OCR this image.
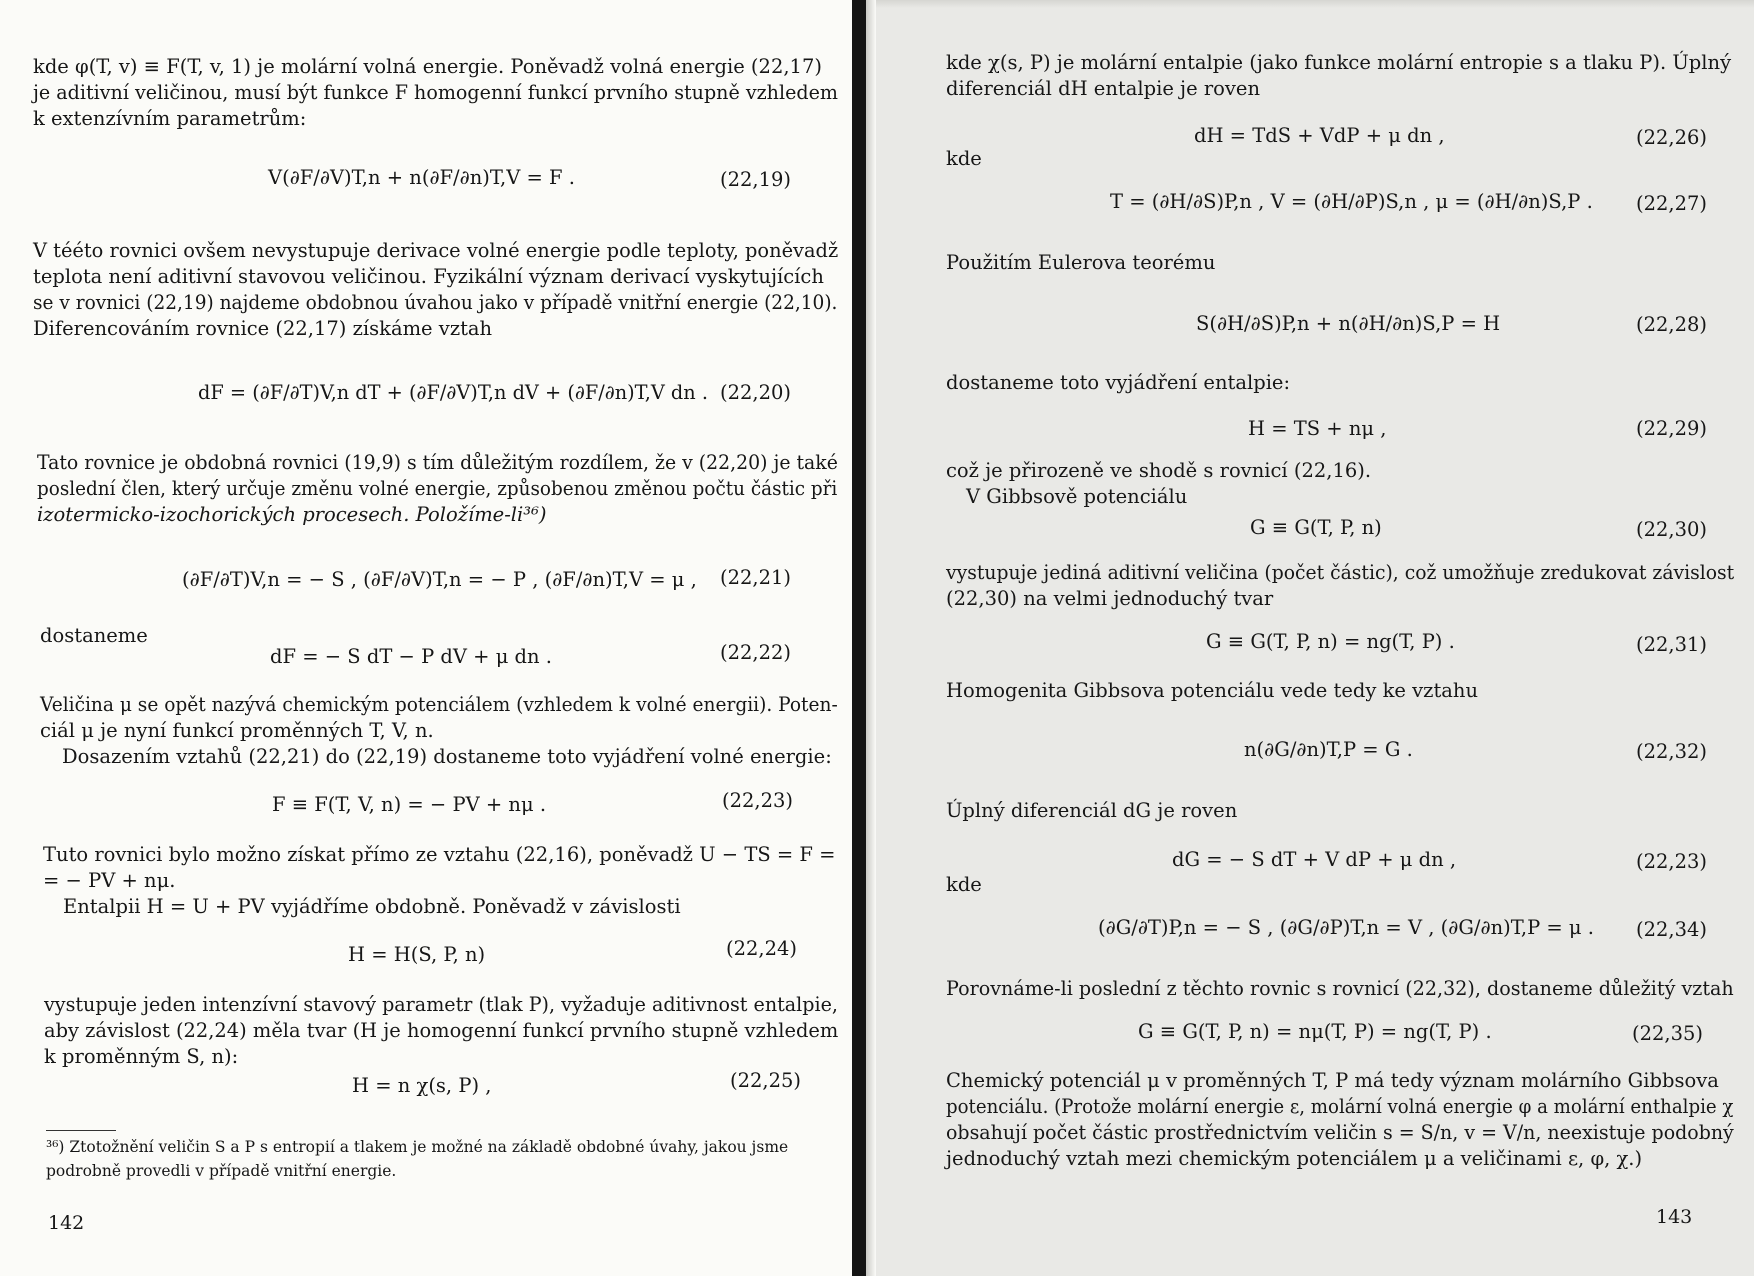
kde φ(T, v) ≡ F(T, v, 1) je molární volná energie. Poněvadž volná energie (22,17)
je aditivní veličinou, musí být funkce F homogenní funkcí prvního stupně vzhledem
k extenzívním parametrům:
V(∂F/∂V)T,n + n(∂F/∂n)T,V = F .	(22,19)
V tééto rovnici ovšem nevystupuje derivace volné energie podle teploty, poněvadž
teplota není aditivní stavovou veličinou. Fyzikální význam derivací vyskytujících
se v rovnici (22,19) najdeme obdobnou úvahou jako v případě vnitřní energie (22,10).
Diferencováním rovnice (22,17) získáme vztah
dF = (∂F/∂T)V,n dT + (∂F/∂V)T,n dV + (∂F/∂n)T,V dn . (22,20)
Tato rovnice je obdobná rovnici (19,9) s tím důležitým rozdílem, že v (22,20) je také
poslední člen, který určuje změnu volné energie, způsobenou změnou počtu částic při
izotermicko-izochorických procesech. Položíme-li³⁶)
(∂F/∂T)V,n = − S , (∂F/∂V)T,n = − P , (∂F/∂n)T,V = μ , (22,21)
dostaneme
dF = − S dT − P dV + μ dn .	(22,22)
Veličina μ se opět nazývá chemickým potenciálem (vzhledem k volné energii). Poten-
ciál μ je nyní funkcí proměnných T, V, n.
Dosazením vztahů (22,21) do (22,19) dostaneme toto vyjádření volné energie:
F ≡ F(T, V, n) = − PV + nμ .	(22,23)
Tuto rovnici bylo možno získat přímo ze vztahu (22,16), poněvadž U − TS = F =
= − PV + nμ.
Entalpii H = U + PV vyjádříme obdobně. Poněvadž v závislosti
H = H(S, P, n)	(22,24)
vystupuje jeden intenzívní stavový parametr (tlak P), vyžaduje aditivnost entalpie,
aby závislost (22,24) měla tvar (H je homogenní funkcí prvního stupně vzhledem
k proměnným S, n):
H = n χ(s, P) ,	(22,25)
³⁶) Ztotožnění veličin S a P s entropií a tlakem je možné na základě obdobné úvahy, jakou jsme
podrobně provedli v případě vnitřní energie.
142
kde χ(s, P) je molární entalpie (jako funkce molární entropie s a tlaku P). Úplný
diferenciál dH entalpie je roven
dH = TdS + VdP + μ dn ,	(22,26)
kde
T = (∂H/∂S)P,n , V = (∂H/∂P)S,n , μ = (∂H/∂n)S,P . (22,27)
Použitím Eulerova teorému
S(∂H/∂S)P,n + n(∂H/∂n)S,P = H	(22,28)
dostaneme toto vyjádření entalpie:
H = TS + nμ ,	(22,29)
což je přirozeně ve shodě s rovnicí (22,16).
V Gibbsově potenciálu
G ≡ G(T, P, n)	(22,30)
vystupuje jediná aditivní veličina (počet částic), což umožňuje zredukovat závislost
(22,30) na velmi jednoduchý tvar
G ≡ G(T, P, n) = ng(T, P) .	(22,31)
Homogenita Gibbsova potenciálu vede tedy ke vztahu
n(∂G/∂n)T,P = G .	(22,32)
Úplný diferenciál dG je roven
dG = − S dT + V dP + μ dn ,	(22,23)
kde
(∂G/∂T)P,n = − S , (∂G/∂P)T,n = V , (∂G/∂n)T,P = μ . (22,34)
Porovnáme-li poslední z těchto rovnic s rovnicí (22,32), dostaneme důležitý vztah
G ≡ G(T, P, n) = nμ(T, P) = ng(T, P) .	(22,35)
Chemický potenciál μ v proměnných T, P má tedy význam molárního Gibbsova
potenciálu. (Protože molární energie ε, molární volná energie φ a molární enthalpie χ
obsahují počet částic prostřednictvím veličin s = S/n, v = V/n, neexistuje podobný
jednoduchý vztah mezi chemickým potenciálem μ a veličinami ε, φ, χ.)
143
